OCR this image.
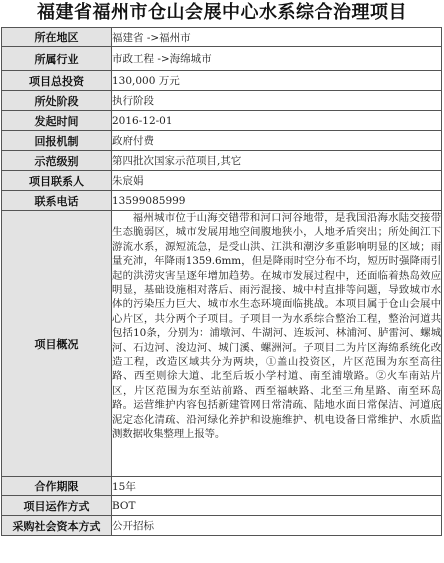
福建省福州市仓山会展中心水系综合治理项目
所在地区	福建省 ->福州市
所属行业	市政工程 ->海绵城市
项目总投资	130,000 万元
所处阶段	执行阶段
发起时间	2016-12-01
回报机制	政府付费
示范级别	第四批次国家示范项目,其它
项目联系人	朱宸娟
联系电话	13599085999
项目概况	福州城市位于山海交错带和河口河谷地带，是我国沿海水陆交接带生态脆弱区，城市发展用地空间腹地狭小，人地矛盾突出；所处闽江下游流水系，源短流急，是受山洪、江洪和潮汐多重影响明显的区域；雨量充沛，年降雨1359.6mm，但是降雨时空分布不均，短历时强降雨引起的洪涝灾害呈逐年增加趋势。在城市发展过程中，还面临着热岛效应明显，基础设施相对落后、雨污混接、城中村直排等问题，导致城市水体的污染压力巨大、城市水生态环境面临挑战。本项目属于仓山会展中心片区，共分两个子项目。子项目一为水系综合整治工程，整治河道共包括10条，分别为：浦墩河、牛湖河、连坂河、林浦河、胪雷河、螺城河、石边河、浚边河、城门溪、螺洲河。子项目二为片区海绵系统化改造工程，改造区域共分为两块，①盖山投资区，片区范围为东至高往路、西至则徐大道、北至后坂小学村道、南至浦墩路。②火车南站片区，片区范围为东至站前路、西至福峡路、北至三角星路、南至环岛路。运营维护内容包括新建管网日常清疏、陆地水面日常保洁、河道底泥定态化清疏、沿河绿化养护和设施维护、机电设备日常维护、水质监测数据收集整理上报等。
合作期限	15年
项目运作方式	BOT
采购社会资本方式	公开招标
